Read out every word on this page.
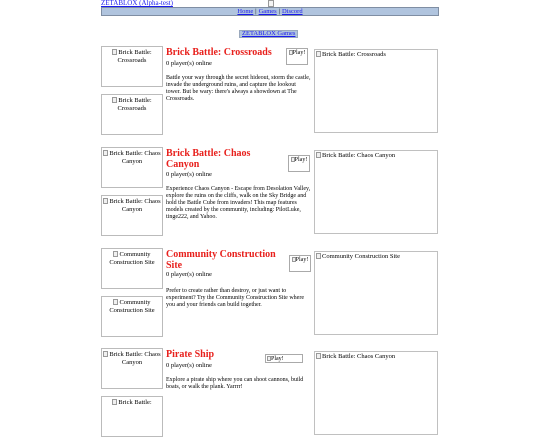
ZETABLOX (Alpha-test)
Home | Games | Discord
ZETABLOX Games
Brick Battle: Crossroads
Brick Battle: Crossroads
Brick Battle: Crossroads
0 player(s) online
Battle your way through the secret hideout, storm the castle, invade the underground ruins, and capture the lookout tower. But be wary: there's always a showdown at The Crossroads.
Play!	Brick Battle: Crossroads
Brick Battle: Chaos Canyon
Brick Battle: Chaos Canyon
Brick Battle: Chaos Canyon
0 player(s) online
Experience Chaos Canyon - Escape from Desolation Valley, explore the ruins on the cliffs, walk on the Sky Bridge and hold the Battle Cube from invaders! This map features models created by the community, including: PilotLuke, tinge222, and Yahoo.
Play!
Brick Battle: Chaos Canyon
Community Construction Site
Community Construction Site
Community Construction Site
0 player(s) online
Prefer to create rather than destroy, or just want to experiment? Try the Community Construction Site where you and your friends can build together.
Play!	Community Construction Site
Brick Battle: Chaos Canyon
Brick Battle:
Pirate Ship
0 player(s) online
Explore a pirate ship where you can shoot cannons, build boats, or walk the plank. Yarrrr!
Play!	Brick Battle: Chaos Canyon
